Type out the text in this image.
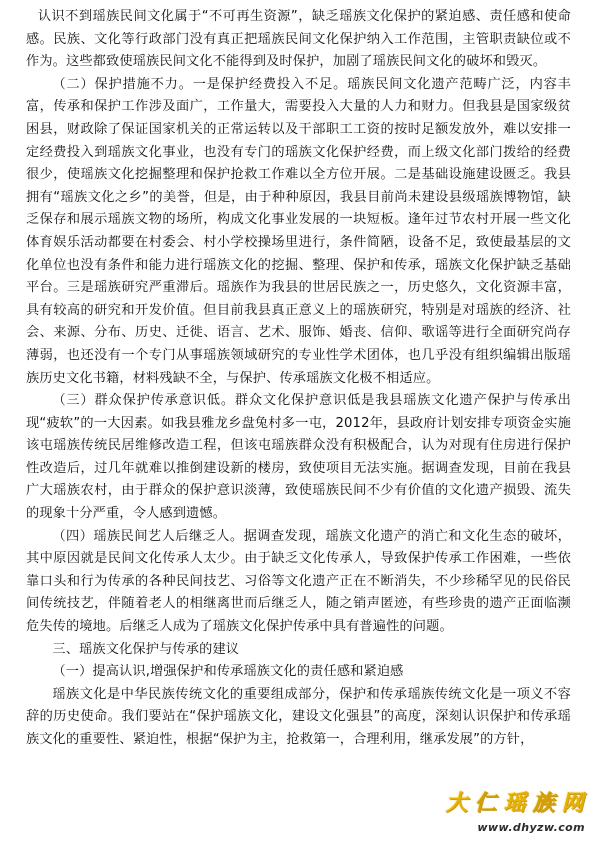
认识不到瑶族民间文化属于“不可再生资源”，缺乏瑶族文化保护的紧迫感、责任感和使命感。民族、文化等行政部门没有真正把瑶族民间文化保护纳入工作范围，主管职责缺位或不作为。这些都致使瑶族民间文化不能得到及时保护，加剧了瑶族民间文化的破坏和毁灭。

（二）保护措施不力。一是保护经费投入不足。瑶族民间文化遗产范畴广泛，内容丰富，传承和保护工作涉及面广，工作量大，需要投入大量的人力和财力。但我县是国家级贫困县，财政除了保证国家机关的正常运转以及干部职工工资的按时足额发放外，难以安排一定经费投入到瑶族文化事业，也没有专门的瑶族文化保护经费，而上级文化部门拨给的经费很少，使瑶族文化挖掘整理和保护抢救工作难以全方位开展。二是基础设施建设匮乏。我县拥有“瑶族文化之乡”的美誉，但是，由于种种原因，我县目前尚未建设县级瑶族博物馆，缺乏保存和展示瑶族文物的场所，构成文化事业发展的一块短板。逢年过节农村开展一些文化体育娱乐活动都要在村委会、村小学校操场里进行，条件简陋，设备不足，致使最基层的文化单位也没有条件和能力进行瑶族文化的挖掘、整理、保护和传承，瑶族文化保护缺乏基础平台。三是瑶族研究严重滞后。瑶族作为我县的世居民族之一，历史悠久，文化资源丰富，具有较高的研究和开发价值。但目前我县真正意义上的瑶族研究，特别是对瑶族的经济、社会、来源、分布、历史、迁徙、语言、艺术、服饰、婚丧、信仰、歌谣等进行全面研究尚存薄弱，也还没有一个专门从事瑶族领域研究的专业性学术团体，也几乎没有组织编辑出版瑶族历史文化书籍，材料残缺不全，与保护、传承瑶族文化极不相适应。

（三）群众保护传承意识低。群众文化保护意识低是我县瑶族文化遗产保护与传承出现“疲软”的一大因素。如我县雅龙乡盘兔村多一屯，2012年，县政府计划安排专项资金实施该屯瑶族传统民居维修改造工程，但该屯瑶族群众没有积极配合，认为对现有住房进行保护性改造后，过几年就难以推倒建设新的楼房，致使项目无法实施。据调查发现，目前在我县广大瑶族农村，由于群众的保护意识淡薄，致使瑶族民间不少有价值的文化遗产损毁、流失的现象十分严重，令人感到遗憾。

（四）瑶族民间艺人后继乏人。据调查发现，瑶族文化遗产的消亡和文化生态的破坏，其中原因就是民间文化传承人太少。由于缺乏文化传承人，导致保护传承工作困难，一些依靠口头和行为传承的各种民间技艺、习俗等文化遗产正在不断消失，不少珍稀罕见的民俗民间传统技艺，伴随着老人的相继离世而后继乏人，随之销声匿迹，有些珍贵的遗产正面临濒危失传的境地。后继乏人成为了瑶族文化保护传承中具有普遍性的问题。

三、瑶族文化保护与传承的建议

（一）提高认识,增强保护和传承瑶族文化的责任感和紧迫感

瑶族文化是中华民族传统文化的重要组成部分，保护和传承瑶族传统文化是一项义不容辞的历史使命。我们要站在“保护瑶族文化，建设文化强县”的高度，深刻认识保护和传承瑶族文化的重要性、紧迫性，根据“保护为主，抢救第一，合理利用，继承发展”的方针，

大 仁 瑶 族 网
www.dhyzw.com
